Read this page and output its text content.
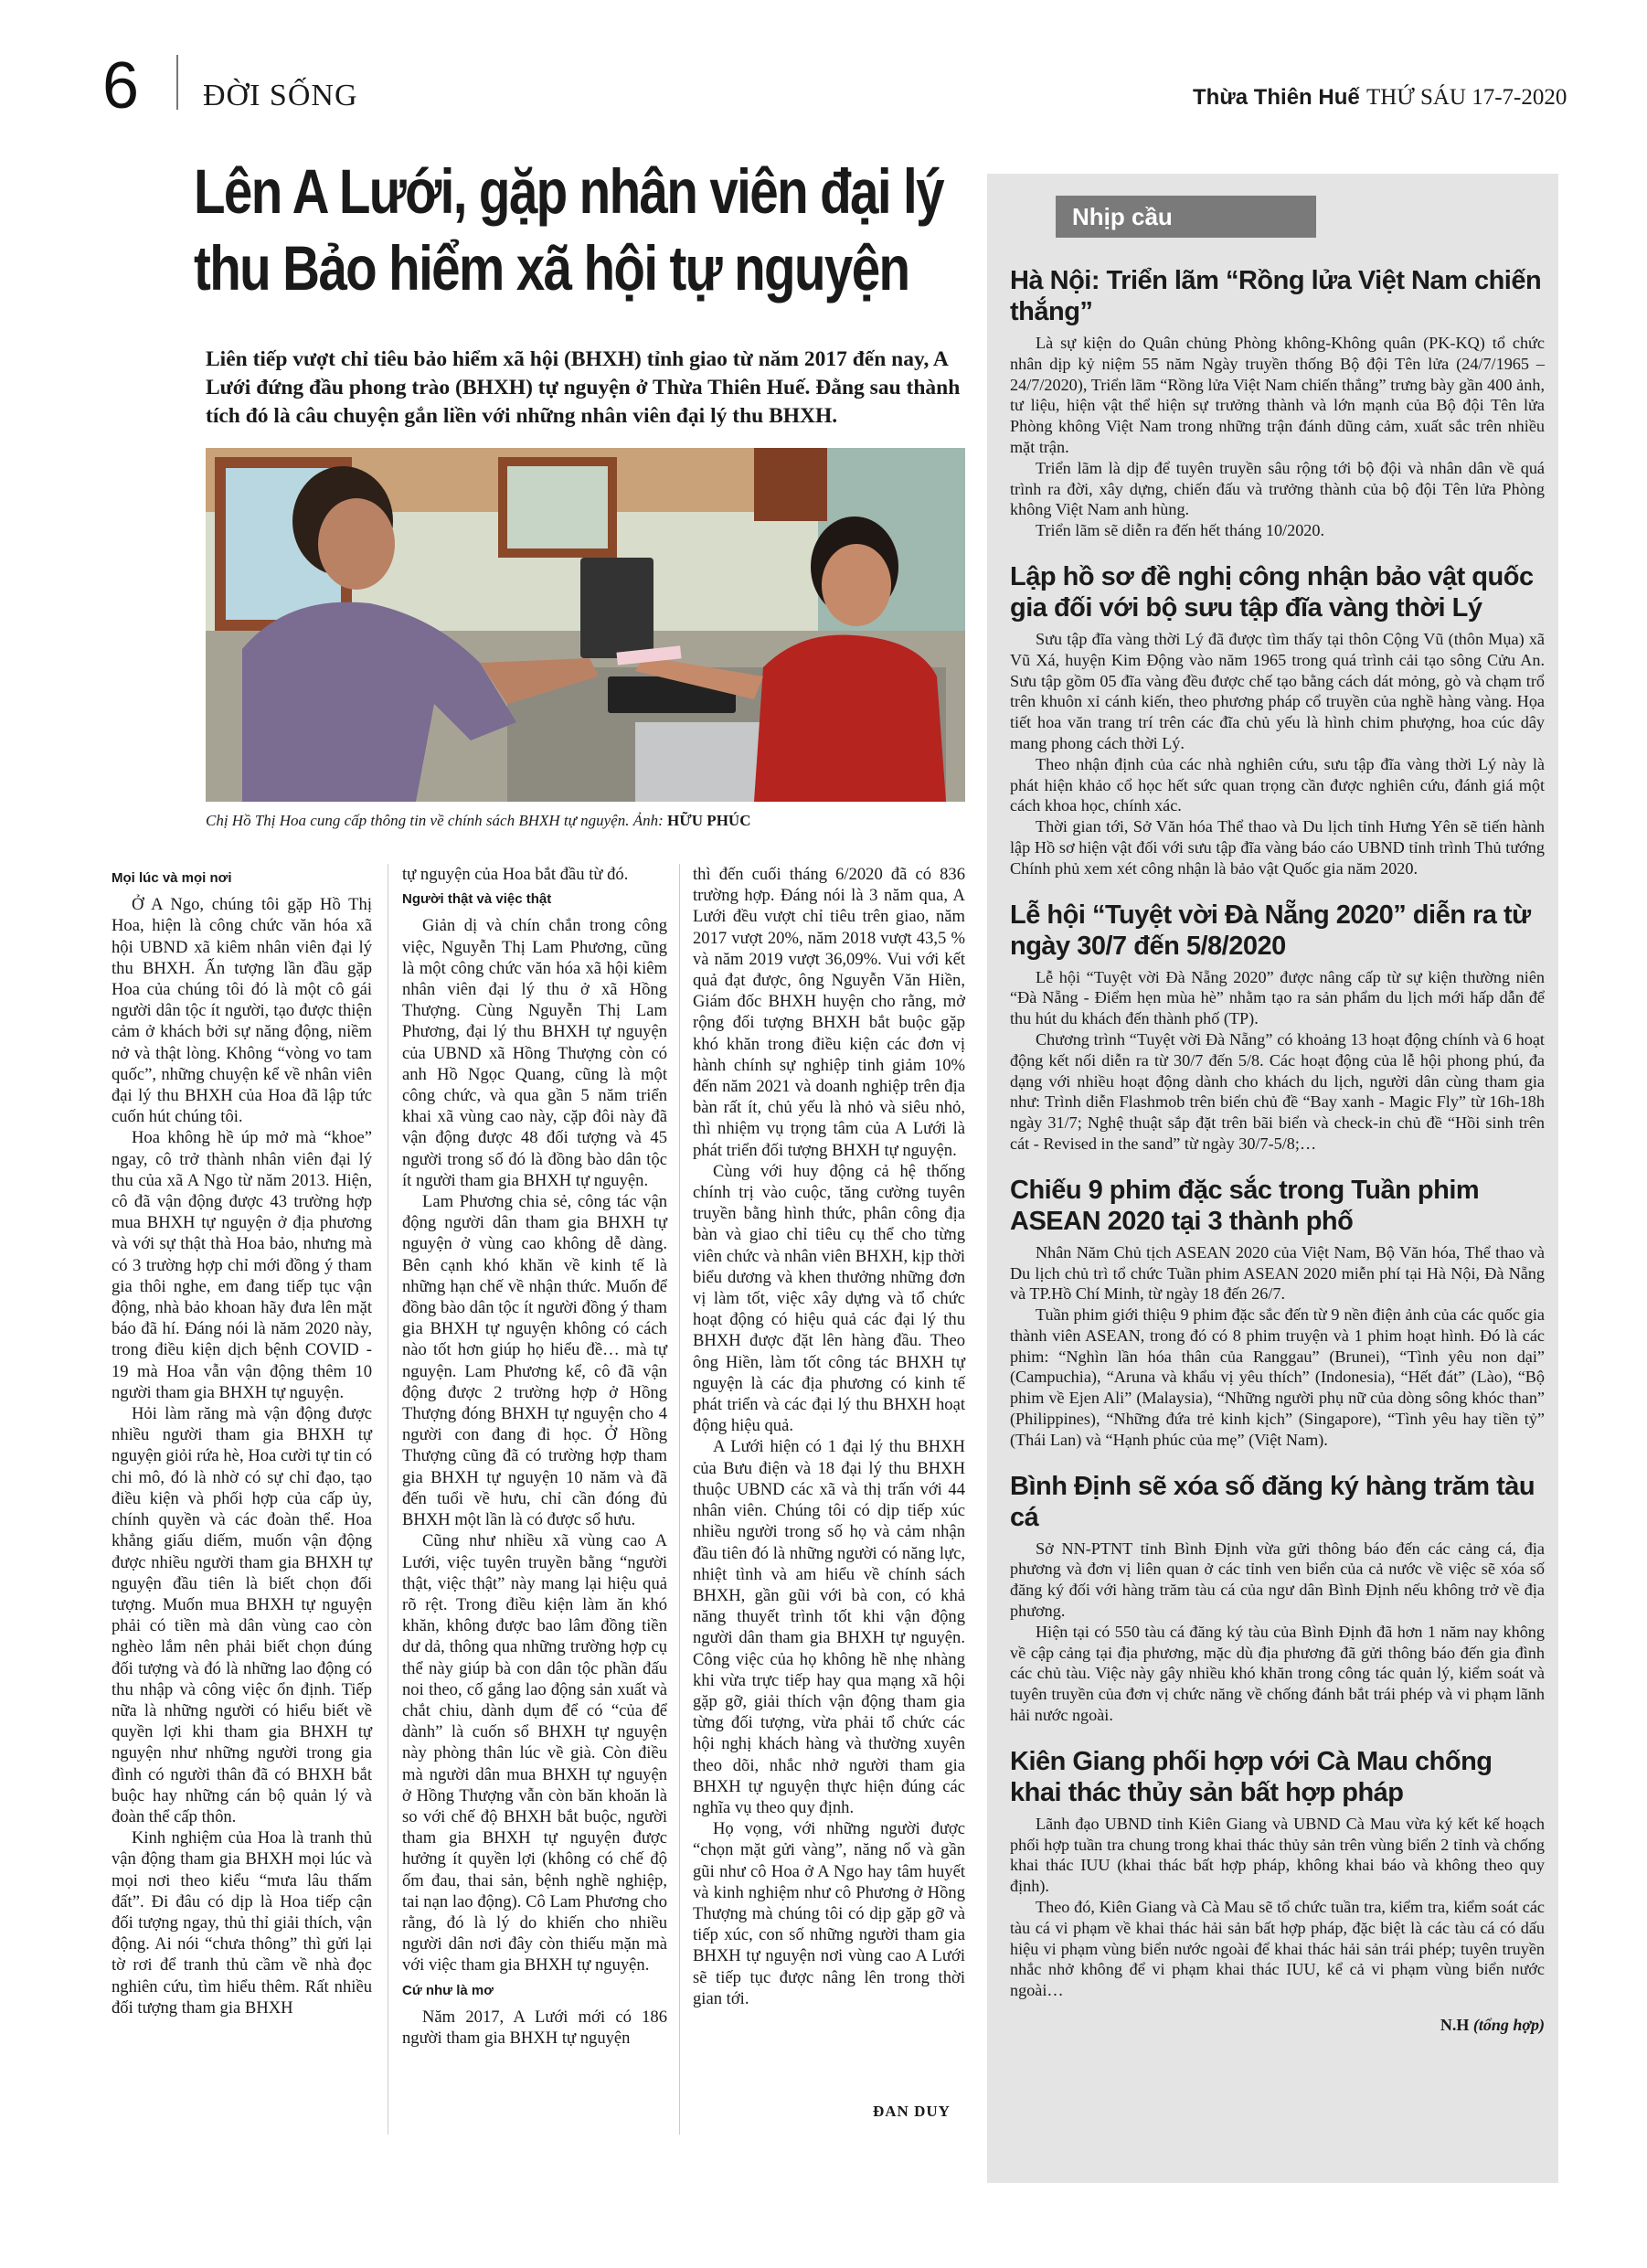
6 ĐỜI SỐNG	Thừa Thiên Huế THỨ SÁU 17-7-2020
Lên A Lưới, gặp nhân viên đại lý
thu Bảo hiểm xã hội tự nguyện
Liên tiếp vượt chỉ tiêu bảo hiểm xã hội (BHXH) tỉnh giao từ năm 2017 đến nay, A Lưới đứng đầu phong trào (BHXH) tự nguyện ở Thừa Thiên Huế. Đằng sau thành tích đó là câu chuyện gắn liền với những nhân viên đại lý thu BHXH.
Chị Hồ Thị Hoa cung cấp thông tin về chính sách BHXH tự nguyện. Ảnh: HỮU PHÚC
Mọi lúc và mọi nơi

Ở A Ngo, chúng tôi gặp Hồ Thị Hoa, hiện là công chức văn hóa xã hội UBND xã kiêm nhân viên đại lý thu BHXH. Ấn tượng lần đầu gặp Hoa của chúng tôi đó là một cô gái người dân tộc ít người, tạo được thiện cảm ở khách bởi sự năng động, niềm nở và thật lòng. Không “vòng vo tam quốc”, những chuyện kể về nhân viên đại lý thu BHXH của Hoa đã lập tức cuốn hút chúng tôi.

Hoa không hề úp mở mà “khoe” ngay, cô trở thành nhân viên đại lý thu của xã A Ngo từ năm 2013. Hiện, cô đã vận động được 43 trường hợp mua BHXH tự nguyện ở địa phương và với sự thật thà Hoa bảo, nhưng mà có 3 trường hợp chỉ mới đồng ý tham gia thôi nghe, em đang tiếp tục vận động, nhà bảo khoan hãy đưa lên mặt báo đã hí. Đáng nói là năm 2020 này, trong điều kiện dịch bệnh COVID - 19 mà Hoa vẫn vận động thêm 10 người tham gia BHXH tự nguyện.

Hỏi làm răng mà vận động được nhiều người tham gia BHXH tự nguyện giỏi rứa hè, Hoa cười tự tin có chi mô, đó là nhờ có sự chỉ đạo, tạo điều kiện và phối hợp của cấp ủy, chính quyền và các đoàn thể. Hoa khẳng giấu diếm, muốn vận động được nhiều người tham gia BHXH tự nguyện đầu tiên là biết chọn đối tượng. Muốn mua BHXH tự nguyện phải có tiền mà dân vùng cao còn nghèo lắm nên phải biết chọn đúng đối tượng và đó là những lao động có thu nhập và công việc ổn định. Tiếp nữa là những người có hiểu biết về quyền lợi khi tham gia BHXH tự nguyện như những người trong gia đình có người thân đã có BHXH bắt buộc hay những cán bộ quản lý và đoàn thể cấp thôn.

Kinh nghiệm của Hoa là tranh thủ vận động tham gia BHXH mọi lúc và mọi nơi theo kiểu “mưa lâu thấm đất”. Đi đâu có dịp là Hoa tiếp cận đối tượng ngay, thủ thỉ giải thích, vận động. Ai nói “chưa thông” thì gửi lại tờ rơi để tranh thủ cầm về nhà đọc nghiên cứu, tìm hiểu thêm. Rất nhiều đối tượng tham gia BHXH

tự nguyện của Hoa bắt đầu từ đó.

Người thật và việc thật

Giản dị và chín chắn trong công việc, Nguyễn Thị Lam Phương, cũng là một công chức văn hóa xã hội kiêm nhân viên đại lý thu ở xã Hồng Thượng. Cùng Nguyễn Thị Lam Phương, đại lý thu BHXH tự nguyện của UBND xã Hồng Thượng còn có anh Hồ Ngọc Quang, cũng là một công chức, và qua gần 5 năm triển khai xã vùng cao này, cặp đôi này đã vận động được 48 đối tượng và 45 người trong số đó là đồng bào dân tộc ít người tham gia BHXH tự nguyện.

Lam Phương chia sẻ, công tác vận động người dân tham gia BHXH tự nguyện ở vùng cao không dễ dàng. Bên cạnh khó khăn về kinh tế là những hạn chế về nhận thức. Muốn để đồng bào dân tộc ít người đồng ý tham gia BHXH tự nguyện không có cách nào tốt hơn giúp họ hiểu đề… mà tự nguyện. Lam Phương kể, cô đã vận động được 2 trường hợp ở Hồng Thượng đóng BHXH tự nguyện cho 4 người con đang đi học. Ở Hồng Thượng cũng đã có trường hợp tham gia BHXH tự nguyện 10 năm và đã đến tuổi về hưu, chỉ cần đóng đủ BHXH một lần là có được sổ hưu.

Cũng như nhiều xã vùng cao A Lưới, việc tuyên truyền bằng “người thật, việc thật” này mang lại hiệu quả rõ rệt. Trong điều kiện làm ăn khó khăn, không được bao lâm đồng tiền dư dả, thông qua những trường hợp cụ thể này giúp bà con dân tộc phần đấu noi theo, cố gắng lao động sản xuất và chắt chiu, dành dụm để có “của để dành” là cuốn sổ BHXH tự nguyện này phòng thân lúc về già. Còn điều mà người dân mua BHXH tự nguyện ở Hồng Thượng vẫn còn băn khoăn là so với chế độ BHXH bắt buộc, người tham gia BHXH tự nguyện được hưởng ít quyền lợi (không có chế độ ốm đau, thai sản, bệnh nghề nghiệp, tai nạn lao động). Cô Lam Phương cho rằng, đó là lý do khiến cho nhiều người dân nơi đây còn thiếu mặn mà với việc tham gia BHXH tự nguyện.

Cứ như là mơ

Năm 2017, A Lưới mới có 186 người tham gia BHXH tự nguyện

thì đến cuối tháng 6/2020 đã có 836 trường hợp. Đáng nói là 3 năm qua, A Lưới đều vượt chỉ tiêu trên giao, năm 2017 vượt 20%, năm 2018 vượt 43,5 % và năm 2019 vượt 36,09%. Vui với kết quả đạt được, ông Nguyễn Văn Hiền, Giám đốc BHXH huyện cho rằng, mở rộng đối tượng BHXH bắt buộc gặp khó khăn trong điều kiện các đơn vị hành chính sự nghiệp tinh giảm 10% đến năm 2021 và doanh nghiệp trên địa bàn rất ít, chủ yếu là nhỏ và siêu nhỏ, thì nhiệm vụ trọng tâm của A Lưới là phát triển đối tượng BHXH tự nguyện.

Cùng với huy động cả hệ thống chính trị vào cuộc, tăng cường tuyên truyền bằng hình thức, phân công địa bàn và giao chỉ tiêu cụ thể cho từng viên chức và nhân viên BHXH, kịp thời biểu dương và khen thưởng những đơn vị làm tốt, việc xây dựng và tổ chức hoạt động có hiệu quả các đại lý thu BHXH được đặt lên hàng đầu. Theo ông Hiền, làm tốt công tác BHXH tự nguyện là các địa phương có kinh tế phát triển và các đại lý thu BHXH hoạt động hiệu quả.

A Lưới hiện có 1 đại lý thu BHXH của Bưu điện và 18 đại lý thu BHXH thuộc UBND các xã và thị trấn với 44 nhân viên. Chúng tôi có dịp tiếp xúc nhiều người trong số họ và cảm nhận đầu tiên đó là những người có năng lực, nhiệt tình và am hiểu về chính sách BHXH, gần gũi với bà con, có khả năng thuyết trình tốt khi vận động người dân tham gia BHXH tự nguyện. Công việc của họ không hề nhẹ nhàng khi vừa trực tiếp hay qua mạng xã hội gặp gỡ, giải thích vận động tham gia từng đối tượng, vừa phải tổ chức các hội nghị khách hàng và thường xuyên theo dõi, nhắc nhở người tham gia BHXH tự nguyện thực hiện đúng các nghĩa vụ theo quy định.

Họ vọng, với những người được “chọn mặt gửi vàng”, năng nổ và gần gũi như cô Hoa ở A Ngo hay tâm huyết và kinh nghiệm như cô Phương ở Hồng Thượng mà chúng tôi có dịp gặp gỡ và tiếp xúc, con số những người tham gia BHXH tự nguyện nơi vùng cao A Lưới sẽ tiếp tục được nâng lên trong thời gian tới.

ĐAN DUY
Nhịp cầu
Hà Nội: Triển lãm “Rồng lửa Việt Nam chiến thắng”

Là sự kiện do Quân chủng Phòng không-Không quân (PK-KQ) tổ chức nhân dịp kỷ niệm 55 năm Ngày truyền thống Bộ đội Tên lửa (24/7/1965 – 24/7/2020), Triển lãm “Rồng lửa Việt Nam chiến thắng” trưng bày gần 400 ảnh, tư liệu, hiện vật thể hiện sự trưởng thành và lớn mạnh của Bộ đội Tên lửa Phòng không Việt Nam trong những trận đánh dũng cảm, xuất sắc trên nhiều mặt trận.

Triển lãm là dịp để tuyên truyền sâu rộng tới bộ đội và nhân dân về quá trình ra đời, xây dựng, chiến đấu và trưởng thành của bộ đội Tên lửa Phòng không Việt Nam anh hùng.

Triển lãm sẽ diễn ra đến hết tháng 10/2020.

Lập hồ sơ đề nghị công nhận bảo vật quốc gia đối với bộ sưu tập đĩa vàng thời Lý

Sưu tập đĩa vàng thời Lý đã được tìm thấy tại thôn Cộng Vũ (thôn Mụa) xã Vũ Xá, huyện Kim Động vào năm 1965 trong quá trình cải tạo sông Cửu An. Sưu tập gồm 05 đĩa vàng đều được chế tạo bằng cách dát mỏng, gò và chạm trổ trên khuôn xỉ cánh kiến, theo phương pháp cổ truyền của nghề hàng vàng. Họa tiết hoa văn trang trí trên các đĩa chủ yếu là hình chim phượng, hoa cúc dây mang phong cách thời Lý.

Theo nhận định của các nhà nghiên cứu, sưu tập đĩa vàng thời Lý này là phát hiện khảo cổ học hết sức quan trọng cần được nghiên cứu, đánh giá một cách khoa học, chính xác.

Thời gian tới, Sở Văn hóa Thể thao và Du lịch tỉnh Hưng Yên sẽ tiến hành lập Hồ sơ hiện vật đối với sưu tập đĩa vàng báo cáo UBND tỉnh trình Thủ tướng Chính phủ xem xét công nhận là bảo vật Quốc gia năm 2020.

Lễ hội “Tuyệt vời Đà Nẵng 2020” diễn ra từ ngày 30/7 đến 5/8/2020

Lễ hội “Tuyệt vời Đà Nẵng 2020” được nâng cấp từ sự kiện thường niên “Đà Nẵng - Điểm hẹn mùa hè” nhằm tạo ra sản phẩm du lịch mới hấp dẫn để thu hút du khách đến thành phố (TP).

Chương trình “Tuyệt vời Đà Nẵng” có khoảng 13 hoạt động chính và 6 hoạt động kết nối diễn ra từ 30/7 đến 5/8. Các hoạt động của lễ hội phong phú, đa dạng với nhiều hoạt động dành cho khách du lịch, người dân cùng tham gia như: Trình diễn Flashmob trên biển chủ đề “Bay xanh - Magic Fly” từ 16h-18h ngày 31/7; Nghệ thuật sắp đặt trên bãi biển và check-in chủ đề “Hồi sinh trên cát - Revised in the sand” từ ngày 30/7-5/8;…

Chiếu 9 phim đặc sắc trong Tuần phim ASEAN 2020 tại 3 thành phố

Nhân Năm Chủ tịch ASEAN 2020 của Việt Nam, Bộ Văn hóa, Thể thao và Du lịch chủ trì tổ chức Tuần phim ASEAN 2020 miễn phí tại Hà Nội, Đà Nẵng và TP.Hồ Chí Minh, từ ngày 18 đến 26/7.

Tuần phim giới thiệu 9 phim đặc sắc đến từ 9 nền điện ảnh của các quốc gia thành viên ASEAN, trong đó có 8 phim truyện và 1 phim hoạt hình. Đó là các phim: “Nghìn lần hóa thân của Ranggau” (Brunei), “Tình yêu non dại” (Campuchia), “Aruna và khẩu vị yêu thích” (Indonesia), “Hết đát” (Lào), “Bộ phim về Ejen Ali” (Malaysia), “Những người phụ nữ của dòng sông khóc than” (Philippines), “Những đứa trẻ kinh kịch” (Singapore), “Tình yêu hay tiền tỷ” (Thái Lan) và “Hạnh phúc của mẹ” (Việt Nam).

Bình Định sẽ xóa số đăng ký hàng trăm tàu cá

Sở NN-PTNT tỉnh Bình Định vừa gửi thông báo đến các cảng cá, địa phương và đơn vị liên quan ở các tỉnh ven biển của cả nước về việc sẽ xóa số đăng ký đối với hàng trăm tàu cá của ngư dân Bình Định nếu không trở về địa phương.

Hiện tại có 550 tàu cá đăng ký tàu của Bình Định đã hơn 1 năm nay không về cập cảng tại địa phương, mặc dù địa phương đã gửi thông báo đến gia đình các chủ tàu. Việc này gây nhiều khó khăn trong công tác quản lý, kiểm soát và tuyên truyền của đơn vị chức năng về chống đánh bắt trái phép và vi phạm lãnh hải nước ngoài.

Kiên Giang phối hợp với Cà Mau chống khai thác thủy sản bất hợp pháp

Lãnh đạo UBND tỉnh Kiên Giang và UBND Cà Mau vừa ký kết kế hoạch phối hợp tuần tra chung trong khai thác thủy sản trên vùng biển 2 tỉnh và chống khai thác IUU (khai thác bất hợp pháp, không khai báo và không theo quy định).

Theo đó, Kiên Giang và Cà Mau sẽ tổ chức tuần tra, kiểm tra, kiểm soát các tàu cá vi phạm về khai thác hải sản bất hợp pháp, đặc biệt là các tàu cá có dấu hiệu vi phạm vùng biển nước ngoài để khai thác hải sản trái phép; tuyên truyền nhắc nhở không để vi phạm khai thác IUU, kể cả vi phạm vùng biển nước ngoài…

N.H (tổng hợp)
